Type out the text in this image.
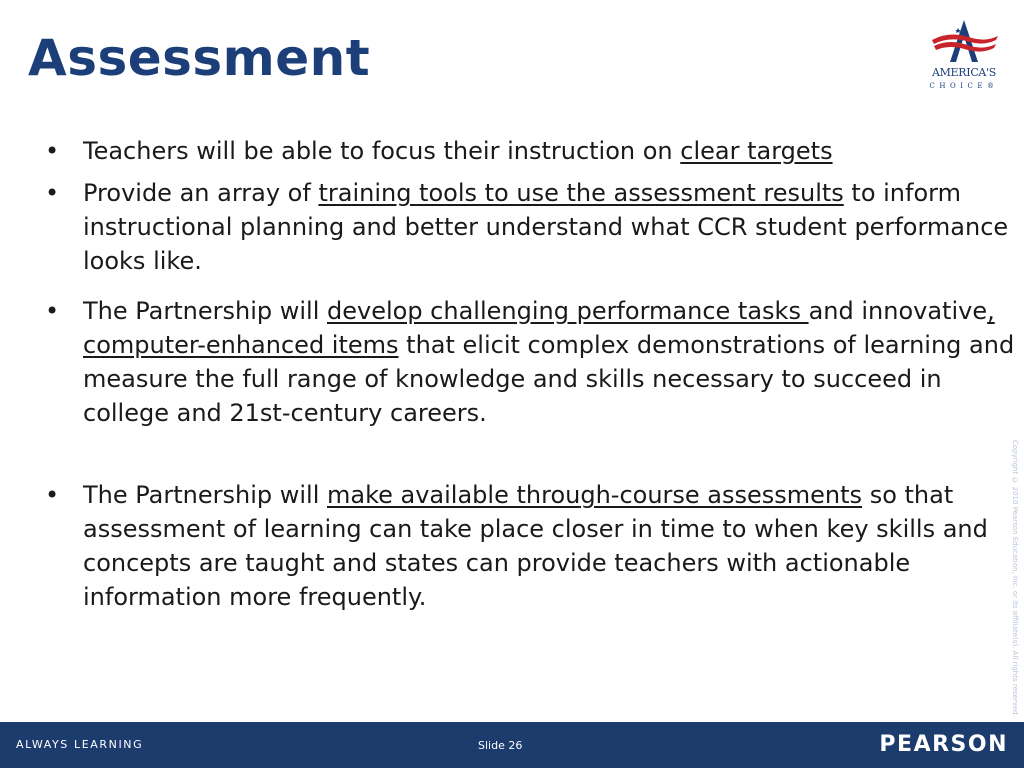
Assessment	AMERICA'S
CHOICE®
• Teachers will be able to focus their instruction on clear targets
• Provide an array of training tools to use the assessment results to inform instructional planning and better understand what CCR student performance looks like.
• The Partnership will develop challenging performance tasks and innovative, computer-enhanced items that elicit complex demonstrations of learning and measure the full range of knowledge and skills necessary to succeed in college and 21st-century careers.
• The Partnership will make available through-course assessments so that assessment of learning can take place closer in time to when key skills and concepts are taught and states can provide teachers with actionable information more frequently.	Copyright © 2010 Pearson Education, Inc. or its affiliate(s). All rights reserved.
ALWAYS LEARNING	Slide 26	PEARSON
